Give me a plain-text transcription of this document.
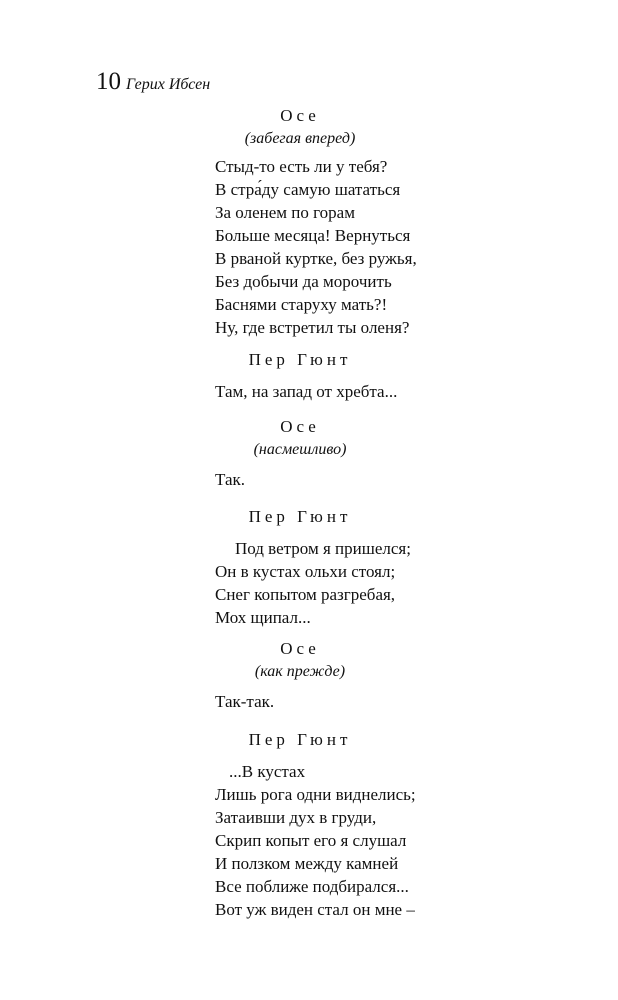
10 Герих Ибсен
Осе
(забегая вперед)
Стыд-то есть ли у тебя?
В стра́ду самую шататься
За оленем по горам
Больше месяца! Вернуться
В рваной куртке, без ружья,
Без добычи да морочить
Баснями старуху мать?!
Ну, где встретил ты оленя?
Пер Гюнт
Там, на запад от хребта...
Осе
(насмешливо)
Так.
Пер Гюнт
Под ветром я пришелся;
Он в кустах ольхи стоял;
Снег копытом разгребая,
Мох щипал...
Осе
(как прежде)
Так-так.
Пер Гюнт
...В кустах
Лишь рога одни виднелись;
Затаивши дух в груди,
Скрип копыт его я слушал
И ползком между камней
Все поближе подбирался...
Вот уж виден стал он мне –
